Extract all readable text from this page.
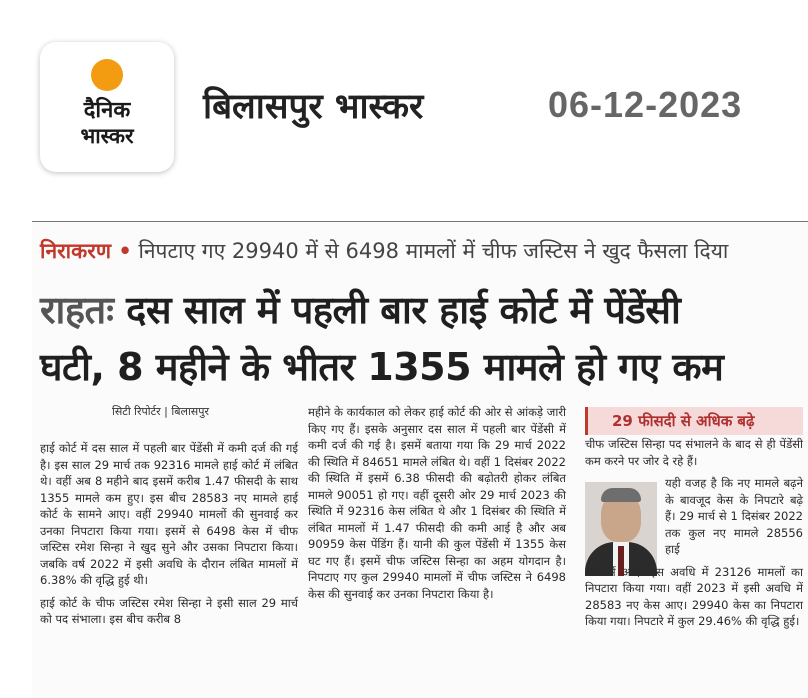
दैनिक
भास्कर
बिलासपुर भास्कर	06-12-2023
निराकरण • निपटाए गए 29940 में से 6498 मामलों में चीफ जस्टिस ने खुद फैसला दिया
राहतः दस साल में पहली बार हाई कोर्ट में पेंडेंसी
घटी, 8 महीने के भीतर 1355 मामले हो गए कम
सिटी रिपोर्टर | बिलासपुर

हाई कोर्ट में दस साल में पहली बार पेंडेंसी में कमी दर्ज की गई है। इस साल 29 मार्च तक 92316 मामले हाई कोर्ट में लंबित थे। वहीं अब 8 महीने बाद इसमें करीब 1.47 फीसदी के साथ 1355 मामले कम हुए। इस बीच 28583 नए मामले हाई कोर्ट के सामने आए। वहीं 29940 मामलों की सुनवाई कर उनका निपटारा किया गया। इसमें से 6498 केस में चीफ जस्टिस रमेश सिन्हा ने खुद सुने और उसका निपटारा किया। जबकि वर्ष 2022 में इसी अवधि के दौरान लंबित मामलों में 6.38% की वृद्धि हुई थी।

हाई कोर्ट के चीफ जस्टिस रमेश सिन्हा ने इसी साल 29 मार्च को पद संभाला। इस बीच करीब 8

महीने के कार्यकाल को लेकर हाई कोर्ट की ओर से आंकड़े जारी किए गए हैं। इसके अनुसार दस साल में पहली बार पेंडेंसी में कमी दर्ज की गई है। इसमें बताया गया कि 29 मार्च 2022 की स्थिति में 84651 मामले लंबित थे। वहीं 1 दिसंबर 2022 की स्थिति में इसमें 6.38 फीसदी की बढ़ोतरी होकर लंबित मामले 90051 हो गए। वहीं दूसरी ओर 29 मार्च 2023 की स्थिति में 92316 केस लंबित थे और 1 दिसंबर की स्थिति में लंबित मामलों में 1.47 फीसदी की कमी आई है और अब 90959 केस पेंडिंग हैं। यानी की कुल पेंडेंसी में 1355 केस घट गए हैं। इसमें चीफ जस्टिस सिन्हा का अहम योगदान है। निपटाए गए कुल 29940 मामलों में चीफ जस्टिस ने 6498 केस की सुनवाई कर उनका निपटारा किया है।

29 फीसदी से अधिक बढ़े

चीफ जस्टिस सिन्हा पद संभालने के बाद से ही पेंडेंसी कम करने पर जोर दे रहे हैं।

यही वजह है कि नए मामले बढ़ने के बावजूद केस के निपटारे बढ़े हैं। 29 मार्च से 1 दिसंबर 2022 तक कुल नए मामले 28556 हाई

कोर्ट में आए। इस अवधि में 23126 मामलों का निपटारा किया गया। वहीं 2023 में इसी अवधि में 28583 नए केस आए। 29940 केस का निपटारा किया गया। निपटारे में कुल 29.46% की वृद्धि हुई।
